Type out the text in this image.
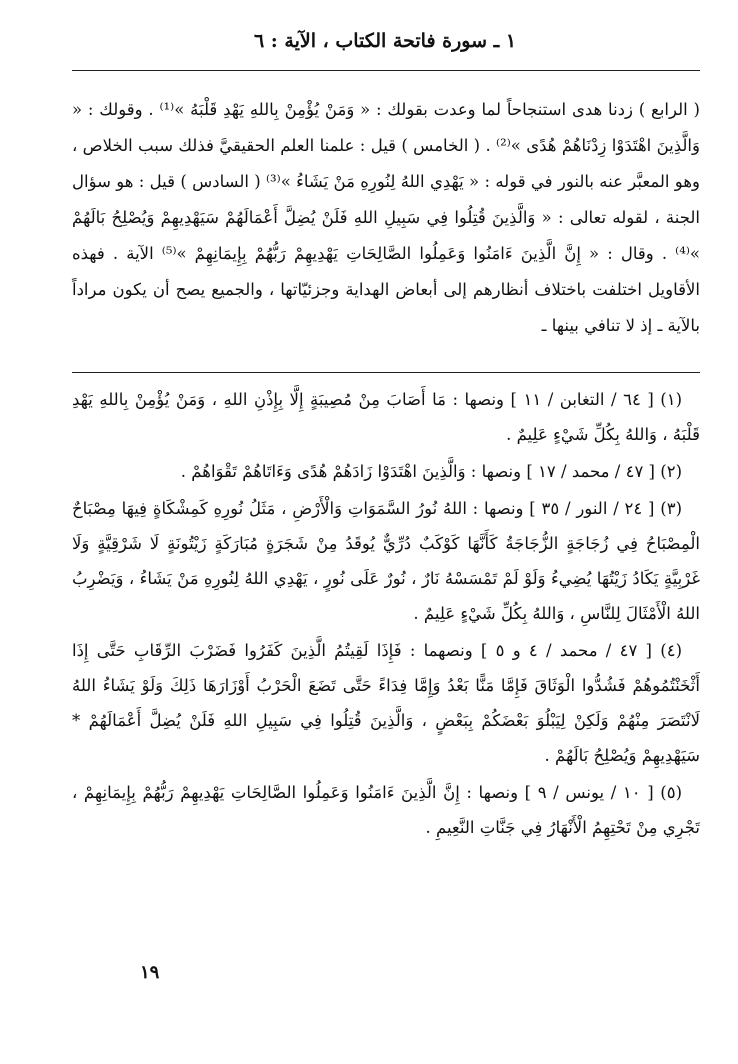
١ ـ سورة فاتحة الكتاب ، الآية : ٦

( الرابع ) زدنا هدى استنجاحاً لما وعدت بقولك : « وَمَنْ يُؤْمِنْ بِاللهِ يَهْدِ قَلْبَهُ »⁽¹⁾ . وقولك : « وَالَّذِينَ اهْتَدَوْا زِدْنَاهُمْ هُدًى »⁽²⁾ . ( الخامس ) قيل : علمنا العلم الحقيقيَّ فذلك سبب الخلاص ، وهو المعبَّر عنه بالنور في قوله : « يَهْدِي اللهُ لِنُورِهِ مَنْ يَشَاءُ »⁽³⁾ ( السادس ) قيل : هو سؤال الجنة ، لقوله تعالى : « وَالَّذِينَ قُتِلُوا فِي سَبِيلِ اللهِ فَلَنْ يُضِلَّ أَعْمَالَهُمْ سَيَهْدِيهِمْ وَيُصْلِحُ بَالَهُمْ »⁽⁴⁾ . وقال : « إِنَّ الَّذِينَ ءَامَنُوا وَعَمِلُوا الصَّالِحَاتِ يَهْدِيهِمْ رَبُّهُمْ بِإِيمَانِهِمْ »⁽⁵⁾ الآية . فهذه الأقاويل اختلفت باختلاف أنظارهم إلى أبعاض الهداية وجزئيّاتها ، والجميع يصح أن يكون مراداً بالآية ـ إذ لا تنافي بينها ـ

(١) [ ٦٤ / التغابن / ١١ ] ونصها : مَا أَصَابَ مِنْ مُصِيبَةٍ إِلَّا بِإِذْنِ اللهِ ، وَمَنْ يُؤْمِنْ بِاللهِ يَهْدِ قَلْبَهُ ، وَاللهُ بِكُلِّ شَيْءٍ عَلِيمٌ .

(٢) [ ٤٧ / محمد / ١٧ ] ونصها : وَالَّذِينَ اهْتَدَوْا زَادَهُمْ هُدًى وَءَاتَاهُمْ تَقْوَاهُمْ .

(٣) [ ٢٤ / النور / ٣٥ ] ونصها : اللهُ نُورُ السَّمَوَاتِ وَالْأَرْضِ ، مَثَلُ نُورِهِ كَمِشْكَاةٍ فِيهَا مِصْبَاحٌ الْمِصْبَاحُ فِي زُجَاجَةٍ الزُّجَاجَةُ كَأَنَّهَا كَوْكَبٌ دُرِّيٌّ يُوقَدُ مِنْ شَجَرَةٍ مُبَارَكَةٍ زَيْتُونَةٍ لَا شَرْقِيَّةٍ وَلَا غَرْبِيَّةٍ يَكَادُ زَيْتُهَا يُضِيءُ وَلَوْ لَمْ تَمْسَسْهُ نَارٌ ، نُورٌ عَلَى نُورٍ ، يَهْدِي اللهُ لِنُورِهِ مَنْ يَشَاءُ ، وَيَضْرِبُ اللهُ الْأَمْثَالَ لِلنَّاسِ ، وَاللهُ بِكُلِّ شَيْءٍ عَلِيمٌ .

(٤) [ ٤٧ / محمد / ٤ و ٥ ] ونصهما : فَإِذَا لَقِيتُمُ الَّذِينَ كَفَرُوا فَضَرْبَ الرِّقَابِ حَتَّى إِذَا أَثْخَنْتُمُوهُمْ فَشُدُّوا الْوَثَاقَ فَإِمَّا مَنًّا بَعْدُ وَإِمَّا فِدَاءً حَتَّى تَضَعَ الْحَرْبُ أَوْزَارَهَا ذَلِكَ وَلَوْ يَشَاءُ اللهُ لَانْتَصَرَ مِنْهُمْ وَلَكِنْ لِيَبْلُوَ بَعْضَكُمْ بِبَعْضٍ ، وَالَّذِينَ قُتِلُوا فِي سَبِيلِ اللهِ فَلَنْ يُضِلَّ أَعْمَالَهُمْ * سَيَهْدِيهِمْ وَيُصْلِحُ بَالَهُمْ .

(٥) [ ١٠ / يونس / ٩ ] ونصها : إِنَّ الَّذِينَ ءَامَنُوا وَعَمِلُوا الصَّالِحَاتِ يَهْدِيهِمْ رَبُّهُمْ بِإِيمَانِهِمْ ، تَجْرِي مِنْ تَحْتِهِمُ الْأَنْهَارُ فِي جَنَّاتِ النَّعِيمِ .

١٩
